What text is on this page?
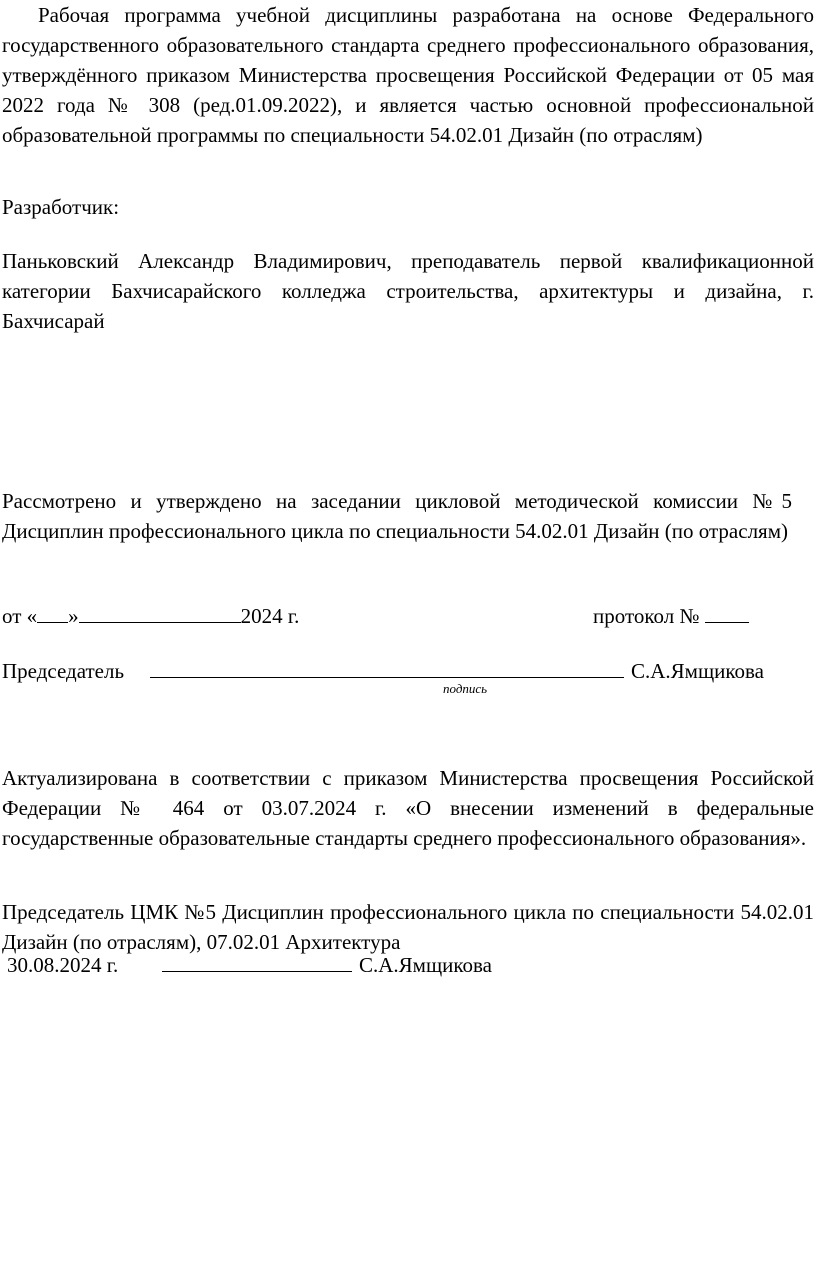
Рабочая программа учебной дисциплины разработана на основе Федерального государственного образовательного стандарта среднего профессионального образования, утверждённого приказом Министерства просвещения Российской Федерации от 05 мая 2022 года № 308 (ред.01.09.2022), и является частью основной профессиональной образовательной программы по специальности 54.02.01 Дизайн (по отраслям)

Разработчик:

Паньковский Александр Владимирович, преподаватель первой квалификационной категории Бахчисарайского колледжа строительства, архитектуры и дизайна, г. Бахчисарай

Рассмотрено и утверждено на заседании цикловой методической комиссии №5 Дисциплин профессионального цикла по специальности 54.02.01 Дизайн (по отраслям)

от « »	2024 г.	протокол №
Председатель	С.А.Ямщикова
подпись

Актуализирована в соответствии с приказом Министерства просвещения Российской Федерации № 464 от 03.07.2024 г. «О внесении изменений в федеральные государственные образовательные стандарты среднего профессионального образования».

Председатель ЦМК №5 Дисциплин профессионального цикла по специальности 54.02.01 Дизайн (по отраслям), 07.02.01 Архитектура

30.08.2024 г.	С.А.Ямщикова
